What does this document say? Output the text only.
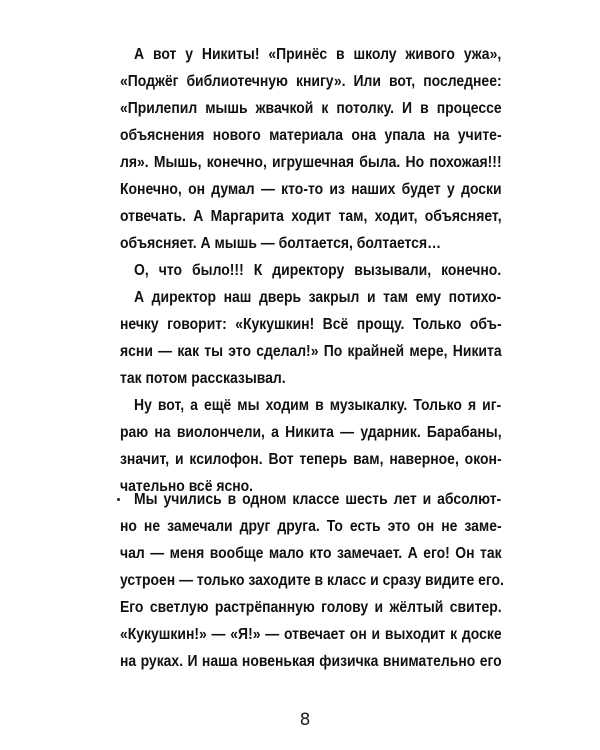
А вот у Никиты! «Принёс в школу живого ужа»,

«Поджёг библиотечную книгу». Или вот, последнее:

«Прилепил мышь жвачкой к потолку. И в процессе

объяснения нового материала она упала на учите-

ля». Мышь, конечно, игрушечная была. Но похожая!!!

Конечно, он думал — кто-то из наших будет у доски

отвечать. А Маргарита ходит там, ходит, объясняет,

объясняет. А мышь — болтается, болтается…

О, что было!!! К директору вызывали, конечно.

А директор наш дверь закрыл и там ему потихо-

нечку говорит: «Кукушкин! Всё прощу. Только объ-

ясни — как ты это сделал!» По крайней мере, Никита

так потом рассказывал.

Ну вот, а ещё мы ходим в музыкалку. Только я иг-

раю на виолончели, а Никита — ударник. Барабаны,

значит, и ксилофон. Вот теперь вам, наверное, окон-

чательно всё ясно.

Мы учились в одном классе шесть лет и абсолют-

но не замечали друг друга. То есть это он не заме-

чал — меня вообще мало кто замечает. А его! Он так

устроен — только заходите в класс и сразу видите его.

Его светлую растрёпанную голову и жёлтый свитер.

«Кукушкин!» — «Я!» — отвечает он и выходит к доске

на руках. И наша новенькая физичка внимательно его

8
